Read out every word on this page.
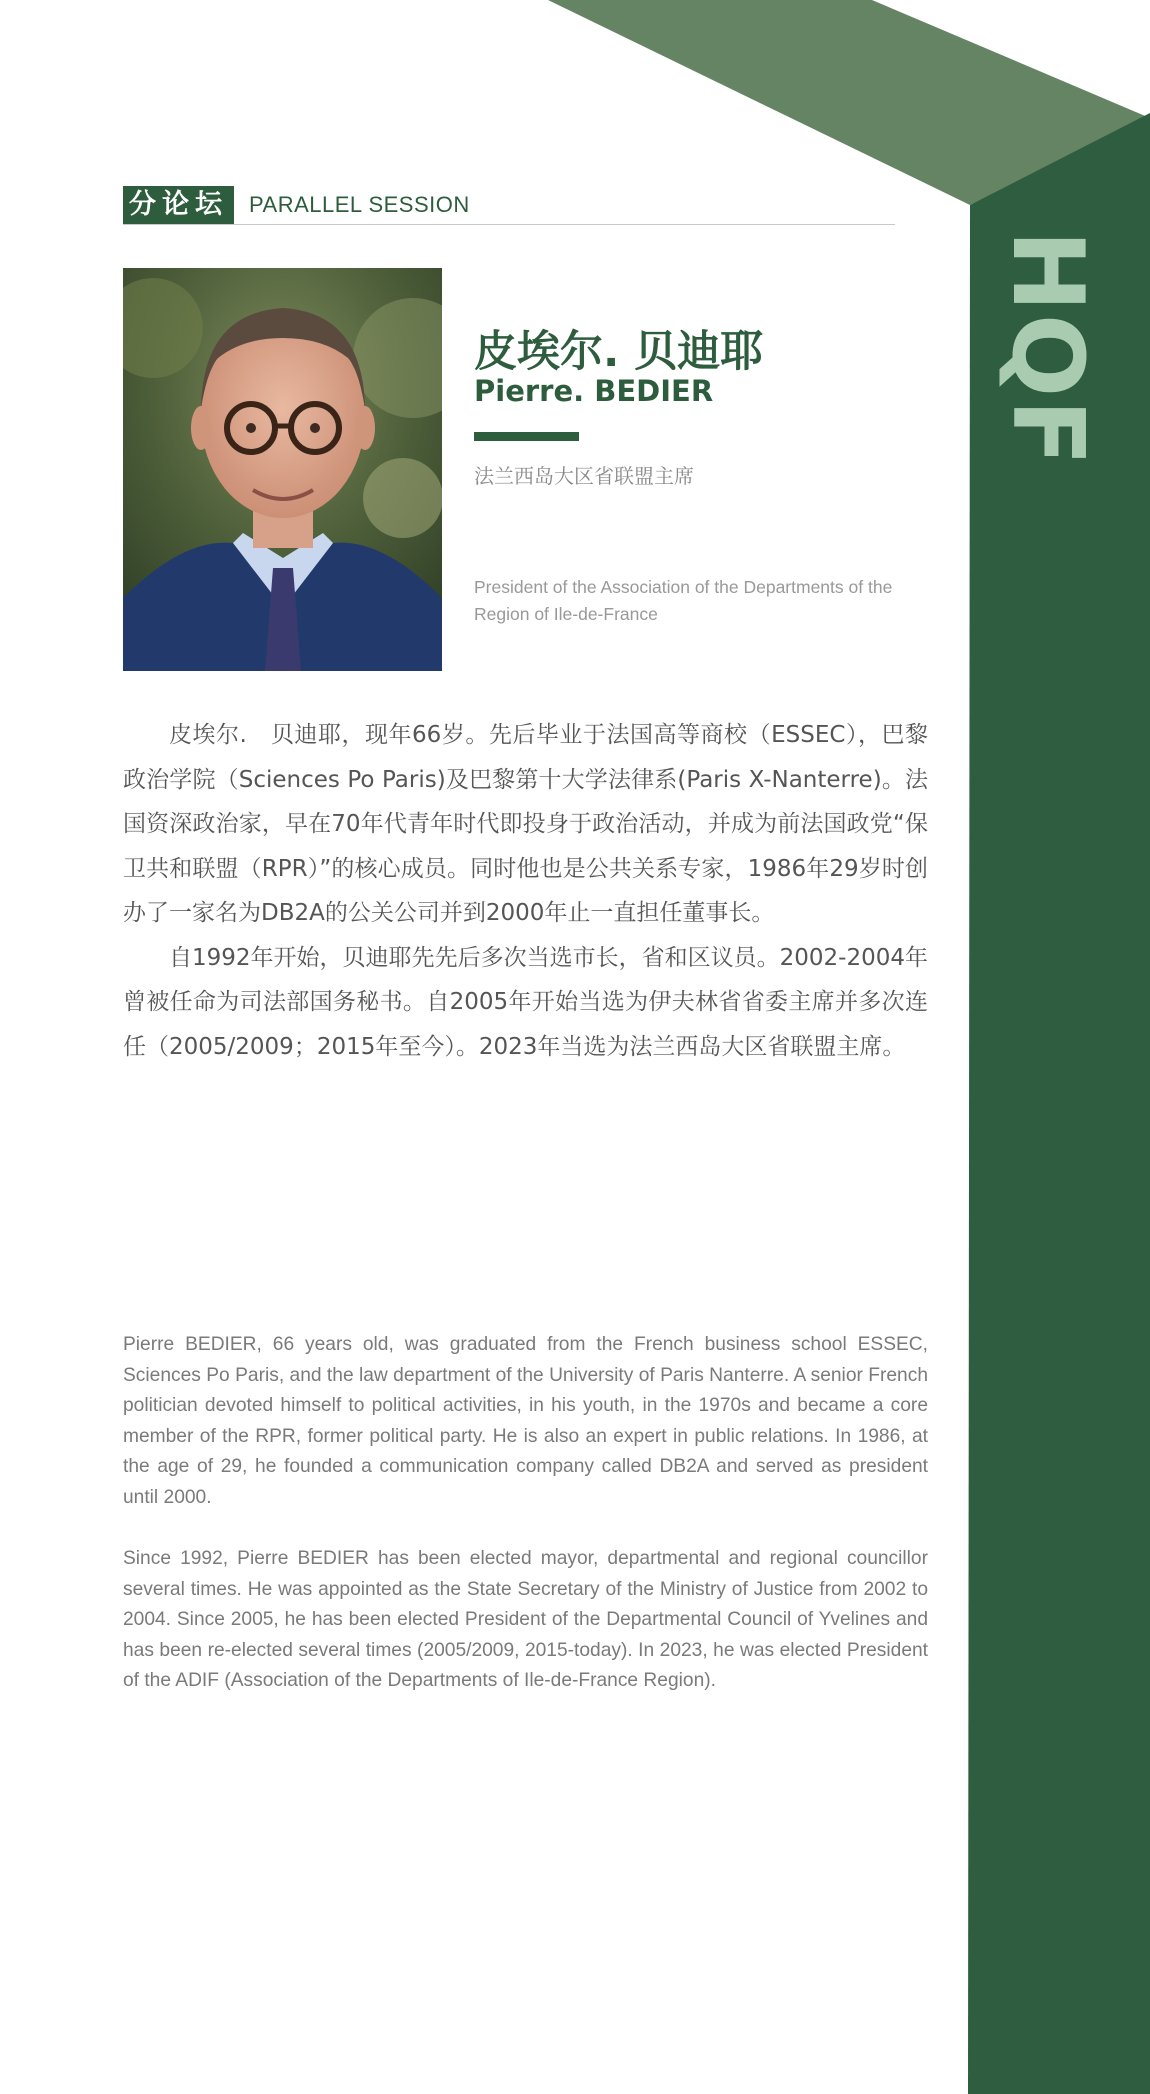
HQF
分论坛 PARALLEL SESSION
皮埃尔. 贝迪耶
Pierre. BEDIER
法兰西岛大区省联盟主席
President of the Association of the Departments of the Region of Ile-de-France

皮埃尔.　贝迪耶，现年66岁。先后毕业于法国高等商校（ESSEC），巴黎政治学院（Sciences Po Paris)及巴黎第十大学法律系(Paris X-Nanterre)。法国资深政治家，早在70年代青年时代即投身于政治活动，并成为前法国政党“保卫共和联盟（RPR）”的核心成员。同时他也是公共关系专家，1986年29岁时创办了一家名为DB2A的公关公司并到2000年止一直担任董事长。

自1992年开始，贝迪耶先先后多次当选市长，省和区议员。2002-2004年曾被任命为司法部国务秘书。自2005年开始当选为伊夫林省省委主席并多次连任（2005/2009；2015年至今）。2023年当选为法兰西岛大区省联盟主席。

Pierre BEDIER, 66 years old, was graduated from the French business school ESSEC, Sciences Po Paris, and the law department of the University of Paris Nanterre. A senior French politician devoted himself to political activities, in his youth, in the 1970s and became a core member of the RPR, former political party. He is also an expert in public relations. In 1986, at the age of 29, he founded a communication company called DB2A and served as president until 2000.

Since 1992, Pierre BEDIER has been elected mayor, departmental and regional councillor several times. He was appointed as the State Secretary of the Ministry of Justice from 2002 to 2004. Since 2005, he has been elected President of the Departmental Council of Yvelines and has been re-elected several times (2005/2009, 2015-today). In 2023, he was elected President of the ADIF (Association of the Departments of Ile-de-France Region).
